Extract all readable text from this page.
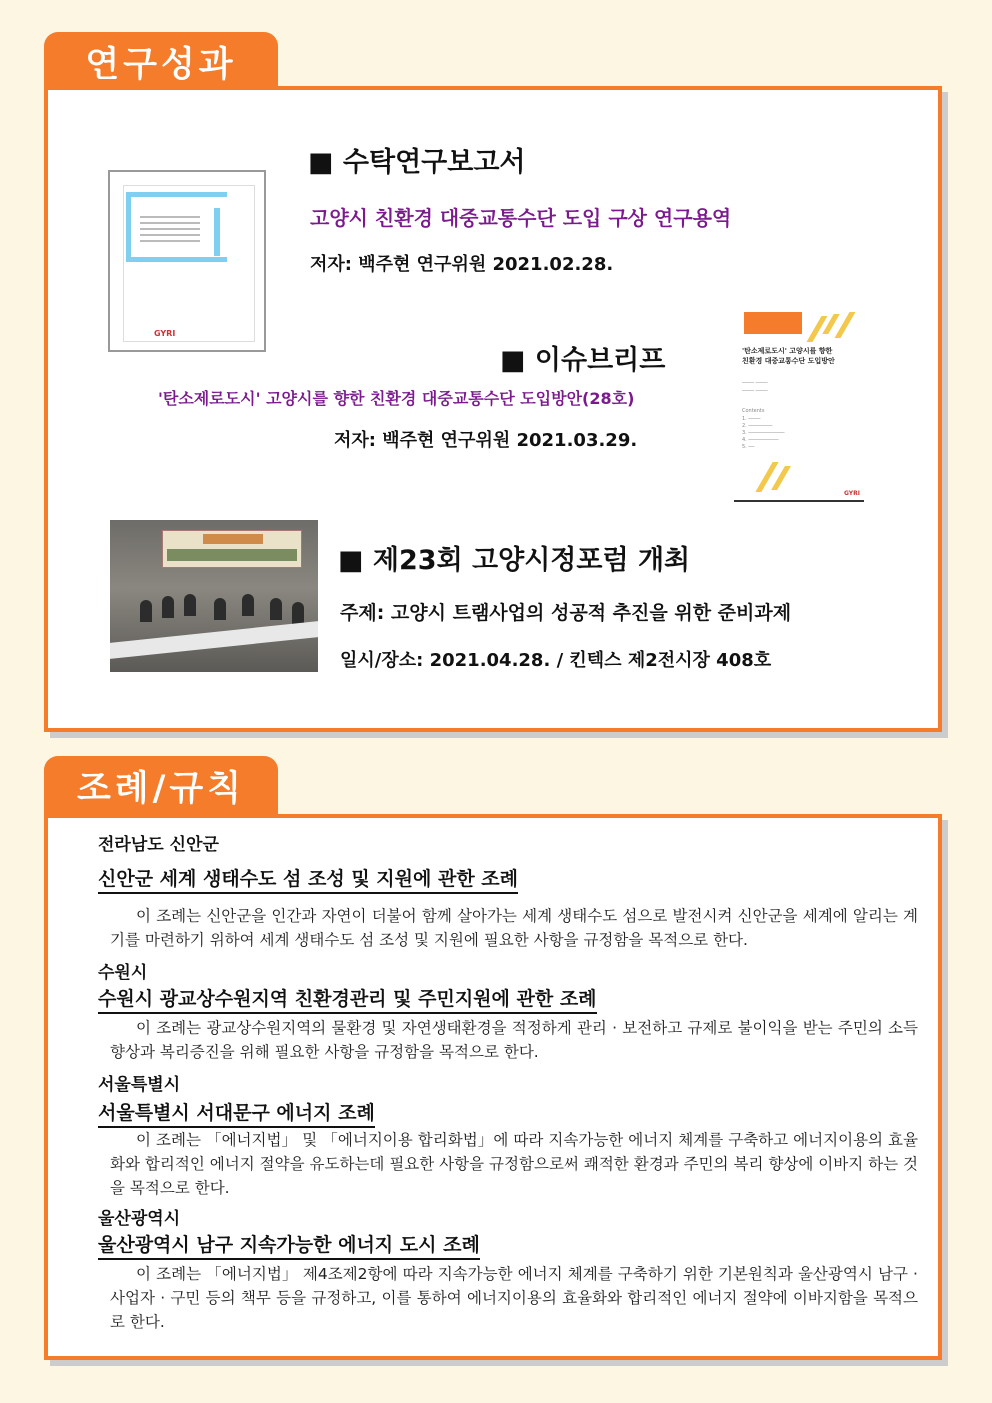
연구성과
GYRI
■ 수탁연구보고서
고양시 친환경 대중교통수단 도입 구상 연구용역
저자: 백주현 연구위원 2021.02.28.
■ 이슈브리프
'탄소제로도시' 고양시를 향한 친환경 대중교통수단 도입방안(28호)
저자: 백주현 연구위원 2021.03.29.

'탄소제로도시' 고양시를 향한
친환경 대중교통수단 도입방안
──── ────
──── ────
Contents
1. ────
2. ────────
3. ────────────
4. ──────────
5. ──
GYRI
■ 제23회 고양시정포럼 개최
주제: 고양시 트램사업의 성공적 추진을 위한 준비과제
일시/장소: 2021.04.28. / 킨텍스 제2전시장 408호
조례/규칙
전라남도 신안군
신안군 세계 생태수도 섬 조성 및 지원에 관한 조례
이 조례는 신안군을 인간과 자연이 더불어 함께 살아가는 세계 생태수도 섬으로 발전시켜 신안군을 세계에 알리는 계기를 마련하기 위하여 세계 생태수도 섬 조성 및 지원에 필요한 사항을 규정함을 목적으로 한다.
수원시
수원시 광교상수원지역 친환경관리 및 주민지원에 관한 조례
이 조례는 광교상수원지역의 물환경 및 자연생태환경을 적정하게 관리 · 보전하고 규제로 불이익을 받는 주민의 소득향상과 복리증진을 위해 필요한 사항을 규정함을 목적으로 한다.
서울특별시
서울특별시 서대문구 에너지 조례
이 조례는 「에너지법」 및 「에너지이용 합리화법」에 따라 지속가능한 에너지 체계를 구축하고 에너지이용의 효율화와 합리적인 에너지 절약을 유도하는데 필요한 사항을 규정함으로써 쾌적한 환경과 주민의 복리 향상에 이바지 하는 것을 목적으로 한다.
울산광역시
울산광역시 남구 지속가능한 에너지 도시 조례
이 조례는 「에너지법」 제4조제2항에 따라 지속가능한 에너지 체계를 구축하기 위한 기본원칙과 울산광역시 남구 · 사업자 · 구민 등의 책무 등을 규정하고, 이를 통하여 에너지이용의 효율화와 합리적인 에너지 절약에 이바지함을 목적으로 한다.
